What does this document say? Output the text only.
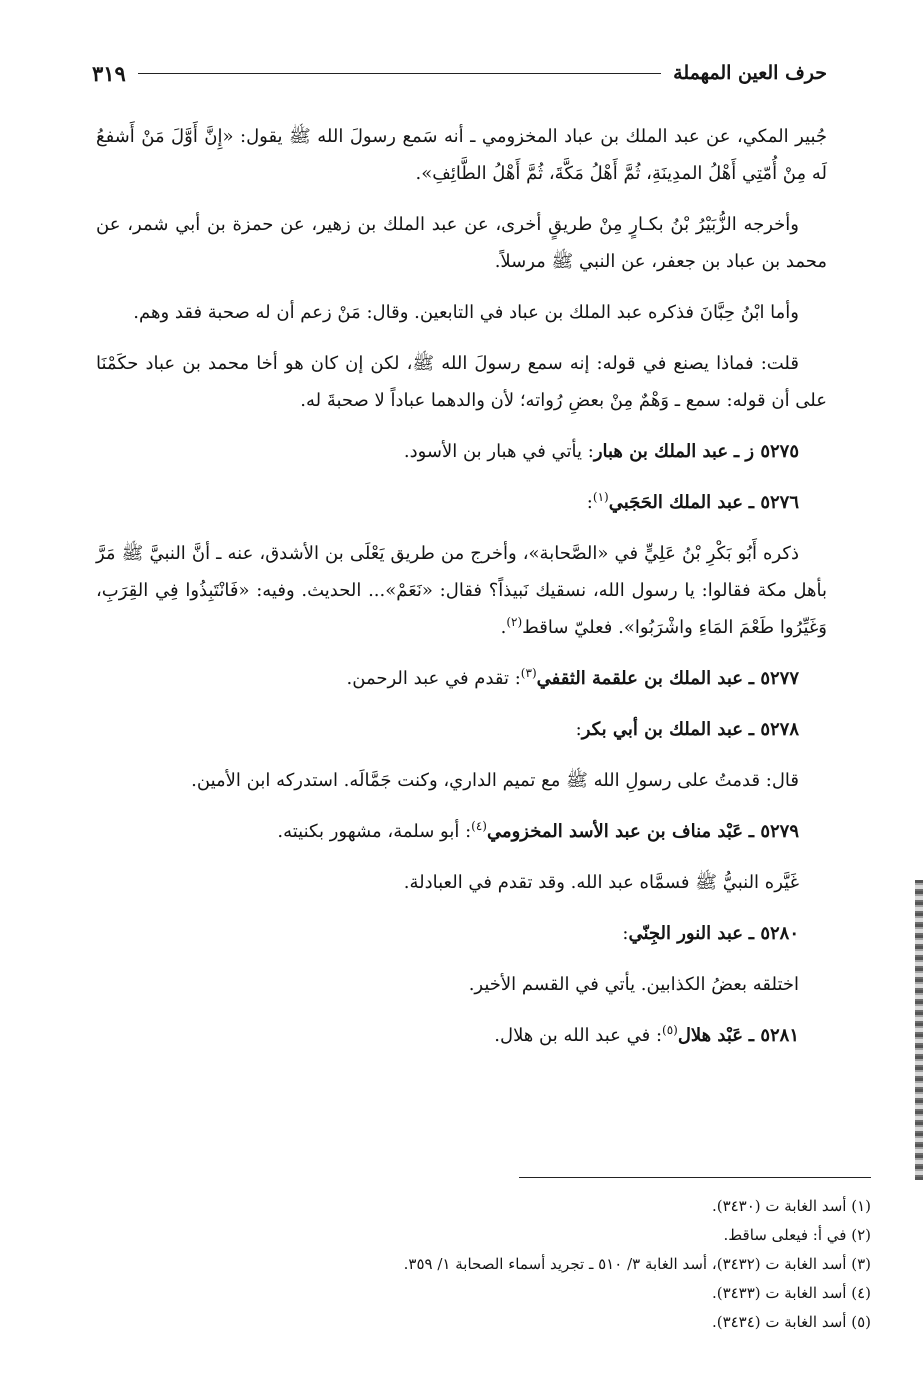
حرف العين المهملة
٣١٩

جُبير المكي، عن عبد الملك بن عباد المخزومي ـ أنه سَمع رسولَ الله ﷺ يقول: «إِنَّ أَوَّلَ مَنْ أَشفعُ لَه مِنْ أُمّتِي أَهْلُ المدِينَةِ، ثُمَّ أَهْلُ مَكَّةَ، ثُمَّ أَهْلُ الطَّائِفِ».

وأخرجه الزُّبَيْرُ بْنُ بكـارٍ مِنْ طريقٍ أخرى، عن عبد الملك بن زهير، عن حمزة بن أبي شمر، عن محمد بن عباد بن جعفر، عن النبي ﷺ مرسلاً.

وأما ابْنُ حِبَّانَ فذكره عبد الملك بن عباد في التابعين. وقال: مَنْ زعم أن له صحبة فقد وهم.

قلت: فماذا يصنع في قوله: إنه سمع رسولَ الله ﷺ، لكن إن كان هو أخا محمد بن عباد حكَمْنَا على أن قوله: سمع ـ وَهْمٌ مِنْ بعضِ رُواته؛ لأن والدهما عباداً لا صحبةَ له.

٥٢٧٥ ز ـ عبد الملك بن هبار: يأتي في هبار بن الأسود.

٥٢٧٦ ـ عبد الملك الحَجَبي$^{(١)}$:

ذكره أَبُو بَكْرِ بْنُ عَلِيٍّ في «الصَّحابة»، وأخرج من طريق يَعْلَى بن الأشدق، عنه ـ أنَّ النبيَّ ﷺ مَرَّ بأهل مكة فقالوا: يا رسول الله، نسقيك نَبيذاً؟ فقال: «نَعَمْ»... الحديث. وفيه: «فَانْتَبِذُوا فِي القِرَبِ، وَغَيِّرُوا طَعْمَ المَاءِ واشْرَبُوا». فعليّ ساقط$^{(٢)}$.

٥٢٧٧ ـ عبد الملك بن علقمة الثقفي$^{(٣)}$: تقدم في عبد الرحمن.

٥٢٧٨ ـ عبد الملك بن أبي بكر:

قال: قدمتُ على رسولِ الله ﷺ مع تميم الداري، وكنت جَمَّالَه. استدركه ابن الأمين.

٥٢٧٩ ـ عَبْد مناف بن عبد الأسد المخزومي$^{(٤)}$: أبو سلمة، مشهور بكنيته.

غَيَّره النبيُّ ﷺ فسمَّاه عبد الله. وقد تقدم في العبادلة.

٥٢٨٠ ـ عبد النور الجِنّي:

اختلقه بعضُ الكذابين. يأتي في القسم الأخير.

٥٢٨١ ـ عَبْد هلال$^{(٥)}$: في عبد الله بن هلال.

(١) أسد الغابة ت (٣٤٣٠).
(٢) في أ: فيعلى ساقط.
(٣) أسد الغابة ت (٣٤٣٢)، أسد الغابة ٣/ ٥١٠ ـ تجريد أسماء الصحابة ١/ ٣٥٩.
(٤) أسد الغابة ت (٣٤٣٣).
(٥) أسد الغابة ت (٣٤٣٤).
